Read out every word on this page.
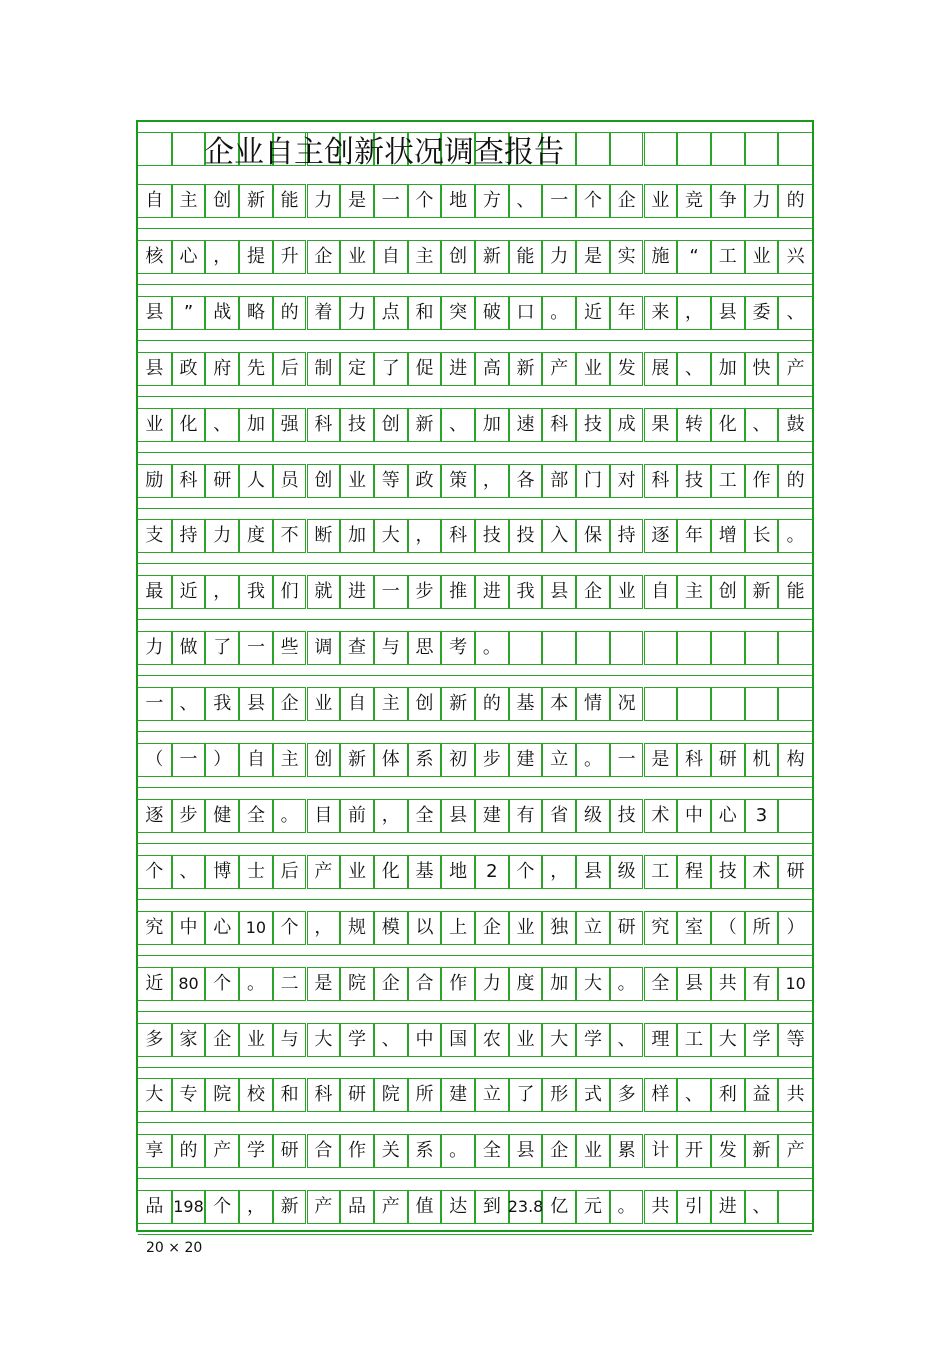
企业自主创新状况调查报告
自 主 创 新 能 力 是 一 个 地 方 、 一 个 企 业 竞 争 力 的
核 心 ， 提 升 企 业 自 主 创 新 能 力 是 实 施	“	工 业 兴
县	”	战 略 的 着 力 点 和 突 破 口 。 近 年 来 ， 县 委 、
县 政 府 先 后 制 定 了 促 进 高 新 产 业 发 展 、 加 快 产
业 化 、 加 强 科 技 创 新 、 加 速 科 技 成 果 转 化 、 鼓
励 科 研 人 员 创 业 等 政 策 ， 各 部 门 对 科 技 工 作 的
支 持 力 度 不 断 加 大 ， 科 技 投 入 保 持 逐 年 增 长 。
最 近 ， 我 们 就 进 一 步 推 进 我 县 企 业 自 主 创 新 能
力 做 了 一 些 调 查 与 思 考 。
一 、 我 县 企 业 自 主 创 新 的 基 本 情 况
（ 一 ） 自 主 创 新 体 系 初 步 建 立 。 一 是 科 研 机 构
逐 步 健 全 。 目 前 ， 全 县 建 有 省 级 技 术 中 心	3
个 、 博 士 后 产 业 化 基 地	2	个 ， 县 级 工 程 技 术 研
究 中 心 10 个 ， 规 模 以 上 企 业 独 立 研 究 室 （ 所 ）
近 80 个 。 二 是 院 企 合 作 力 度 加 大 。 全 县 共 有 10
多 家 企 业 与 大 学 、 中 国 农 业 大 学 、 理 工 大 学 等
大 专 院 校 和 科 研 院 所 建 立 了 形 式 多 样 、 利 益 共
享 的 产 学 研 合 作 关 系 。 全 县 企 业 累 计 开 发 新 产
品 198 个 ， 新 产 品 产 值 达 到 23.8 亿 元 。 共 引 进 、
20 × 20
